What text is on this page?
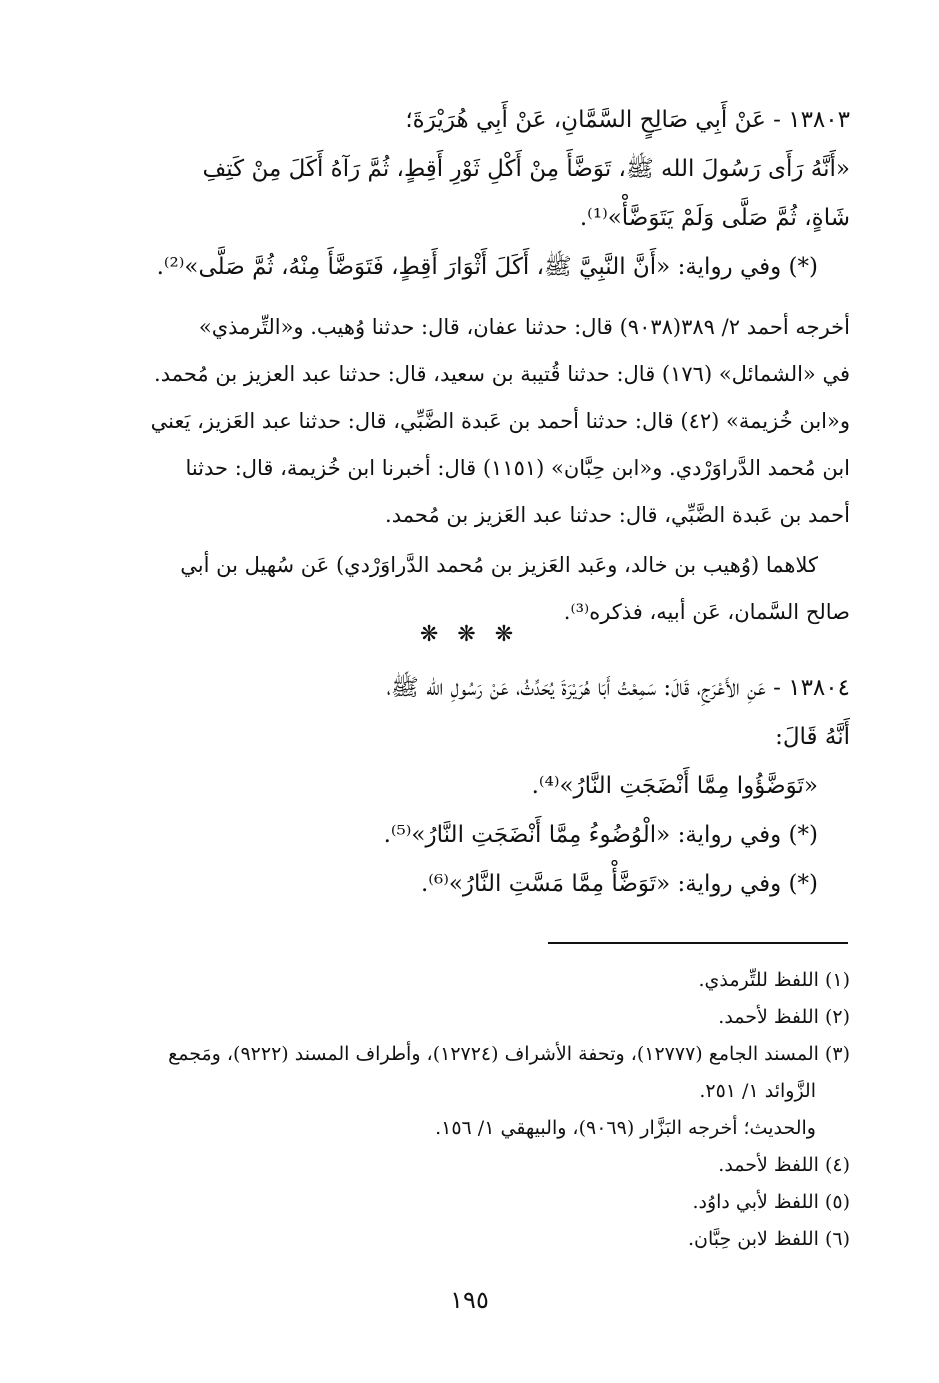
١٣٨٠٣ - عَنْ أَبِي صَالِحٍ السَّمَّانِ، عَنْ أَبِي هُرَيْرَةَ؛
«أَنَّهُ رَأَى رَسُولَ الله ﷺ، تَوَضَّأَ مِنْ أَكْلِ ثَوْرِ أَقِطٍ، ثُمَّ رَآهُ أَكَلَ مِنْ كَتِفِ
شَاةٍ، ثُمَّ صَلَّى وَلَمْ يَتَوَضَّأْ»⁽¹⁾.
(*) وفي رواية: «أَنَّ النَّبِيَّ ﷺ، أَكَلَ أَثْوَارَ أَقِطٍ، فَتَوَضَّأَ مِنْهُ، ثُمَّ صَلَّى»⁽²⁾.
أخرجه أحمد ٢/ ٣٨٩(٩٠٣٨) قال: حدثنا عفان، قال: حدثنا وُهيب. و«التِّرمذي»
في «الشمائل» (١٧٦) قال: حدثنا قُتيبة بن سعيد، قال: حدثنا عبد العزيز بن مُحمد.
و«ابن خُزيمة» (٤٢) قال: حدثنا أحمد بن عَبدة الضَّبِّي، قال: حدثنا عبد العَزيز، يَعني
ابن مُحمد الدَّراوَرْدي. و«ابن حِبَّان» (١١٥١) قال: أخبرنا ابن خُزيمة، قال: حدثنا
أحمد بن عَبدة الضَّبِّي، قال: حدثنا عبد العَزيز بن مُحمد.
كلاهما (وُهيب بن خالد، وعَبد العَزيز بن مُحمد الدَّراوَرْدي) عَن سُهيل بن أبي
صالح السَّمان، عَن أبيه، فذكره⁽³⁾.
❋ ❋ ❋
١٣٨٠٤ - عَنِ الأَعْرَجِ، قَالَ: سَمِعْتُ أَبَا هُرَيْرَةَ يُحَدِّثُ، عَنْ رَسُولِ الله ﷺ،
أَنَّهُ قَالَ:
«تَوَضَّؤُوا مِمَّا أَنْضَجَتِ النَّارُ»⁽⁴⁾.
(*) وفي رواية: «الْوُضُوءُ مِمَّا أَنْضَجَتِ النَّارُ»⁽⁵⁾.
(*) وفي رواية: «تَوَضَّأْ مِمَّا مَسَّتِ النَّارُ»⁽⁶⁾.
(١) اللفظ للتِّرمذي.
(٢) اللفظ لأحمد.
(٣) المسند الجامع (١٢٧٧٧)، وتحفة الأشراف (١٢٧٢٤)، وأطراف المسند (٩٢٢٢)، ومَجمع
الزَّوائد ١/ ٢٥١.
والحديث؛ أخرجه البَزَّار (٩٠٦٩)، والبيهقي ١/ ١٥٦.
(٤) اللفظ لأحمد.
(٥) اللفظ لأبي داوُد.
(٦) اللفظ لابن حِبَّان.
١٩٥
